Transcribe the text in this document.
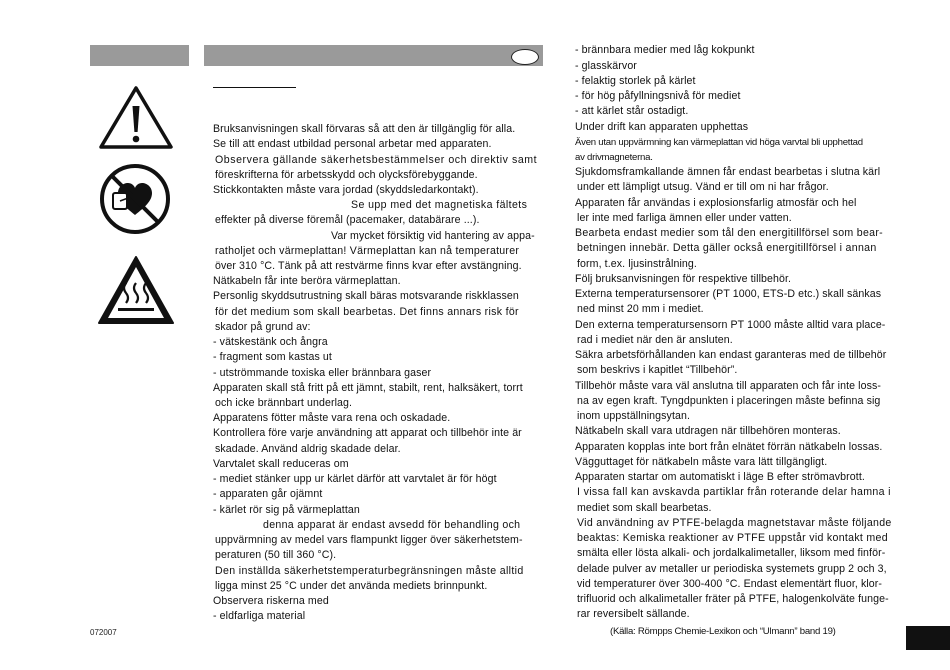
Bruksanvisningen skall förvaras så att den är tillgänglig för alla.
Se till att endast utbildad personal arbetar med apparaten.
Observera gällande säkerhetsbestämmelser och direktiv samt
föreskrifterna för arbetsskydd och olycksförebyggande.
Stickkontakten måste vara jordad (skyddsledarkontakt).
Se upp med det magnetiska fältets
effekter på diverse föremål (pacemaker, databärare ...).
Var mycket försiktig vid hantering av appa-
ratholjet och värmeplattan! Värmeplattan kan nå temperaturer
över 310 °C. Tänk på att restvärme finns kvar efter avstängning.
Nätkabeln får inte beröra värmeplattan.
Personlig skyddsutrustning skall bäras motsvarande riskklassen
för det medium som skall bearbetas. Det finns annars risk för
skador på grund av:
- vätskestänk och ångra
- fragment som kastas ut
- utströmmande toxiska eller brännbara gaser
Apparaten skall stå fritt på ett jämnt, stabilt, rent, halksäkert, torrt
och icke brännbart underlag.
Apparatens fötter måste vara rena och oskadade.
Kontrollera före varje användning att apparat och tillbehör inte är
skadade. Använd aldrig skadade delar.
Varvtalet skall reduceras om
- mediet stänker upp ur kärlet därför att varvtalet är för högt
- apparaten går ojämnt
- kärlet rör sig på värmeplattan
denna apparat är endast avsedd för behandling och
uppvärmning av medel vars flampunkt ligger över säkerhetstem-
peraturen (50 till 360 °C).
Den inställda säkerhetstemperaturbegränsningen måste alltid
ligga minst 25 °C under det använda mediets brinnpunkt.
Observera riskerna med
- eldfarliga material
- brännbara medier med låg kokpunkt
- glasskärvor
- felaktig storlek på kärlet
- för hög påfyllningsnivå för mediet
- att kärlet står ostadigt.
Under drift kan apparaten upphettas
Även utan uppvärmning kan värmeplattan vid höga varvtal bli upphettad
av drivmagneterna.
Sjukdomsframkallande ämnen får endast bearbetas i slutna kärl
under ett lämpligt utsug. Vänd er till om ni har frågor.
Apparaten får användas i explosionsfarlig atmosfär och hel
ler inte med farliga ämnen eller under vatten.
Bearbeta endast medier som tål den energitillförsel som bear-
betningen innebär. Detta gäller också energitillförsel i annan
form, t.ex. ljusinstrålning.
Följ bruksanvisningen för respektive tillbehör.
Externa temperatursensorer (PT 1000, ETS-D etc.) skall sänkas
ned minst 20 mm i mediet.
Den externa temperatursensorn PT 1000 måste alltid vara place-
rad i mediet när den är ansluten.
Säkra arbetsförhållanden kan endast garanteras med de tillbehör
som beskrivs i kapitlet “Tillbehör”.
Tillbehör måste vara väl anslutna till apparaten och får inte loss-
na av egen kraft. Tyngdpunkten i placeringen måste befinna sig
inom uppställningsytan.
Nätkabeln skall vara utdragen när tillbehören monteras.
Apparaten kopplas inte bort från elnätet förrän nätkabeln lossas.
Vägguttaget för nätkabeln måste vara lätt tillgängligt.
Apparaten startar om automatiskt i läge B efter strömavbrott.
I vissa fall kan avskavda partiklar från roterande delar hamna i
mediet som skall bearbetas.
Vid användning av PTFE-belagda magnetstavar måste följande
beaktas: Kemiska reaktioner av PTFE uppstår vid kontakt med
smälta eller lösta alkali- och jordalkalimetaller, liksom med finför-
delade pulver av metaller ur periodiska systemets grupp 2 och 3,
vid temperaturer över 300-400 °C. Endast elementärt fluor, klor-
trifluorid och alkalimetaller fräter på PTFE, halogenkolväte funge-
rar reversibelt sällande.
(Källa: Römpps Chemie-Lexikon och “Ulmann” band 19)
072007
